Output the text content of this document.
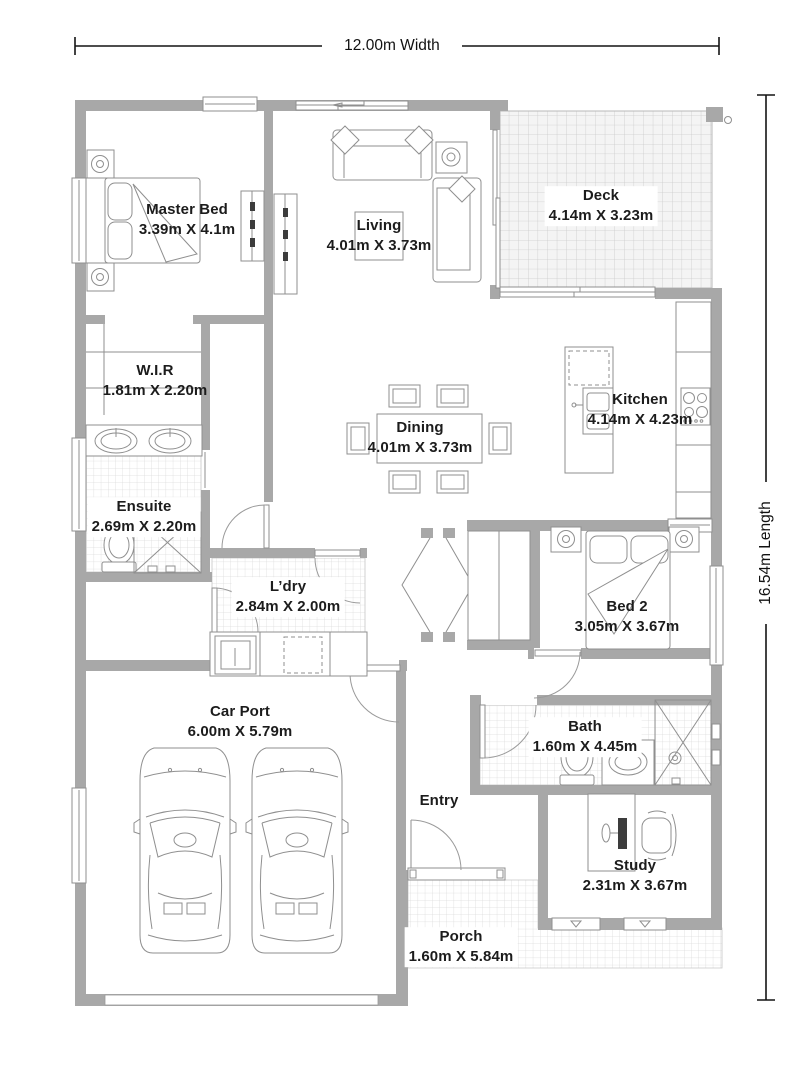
Master Bed
3.39m X 4.1m	Living
4.01m X 3.73m
Deck
4.14m X 3.23m
W.I.R
1.81m X 2.20m
Kitchen
4.14m X 4.23m
Dining
4.01m X 3.73m
Ensuite
2.69m X 2.20m
L’dry
2.84m X 2.00m	Bed 2
3.05m X 3.67m
Car Port
6.00m X 5.79m	Bath
1.60m X 4.45m
Entry
Study
2.31m X 3.67m
Porch
1.60m X 5.84m
12.00m Width
16.54m Length
